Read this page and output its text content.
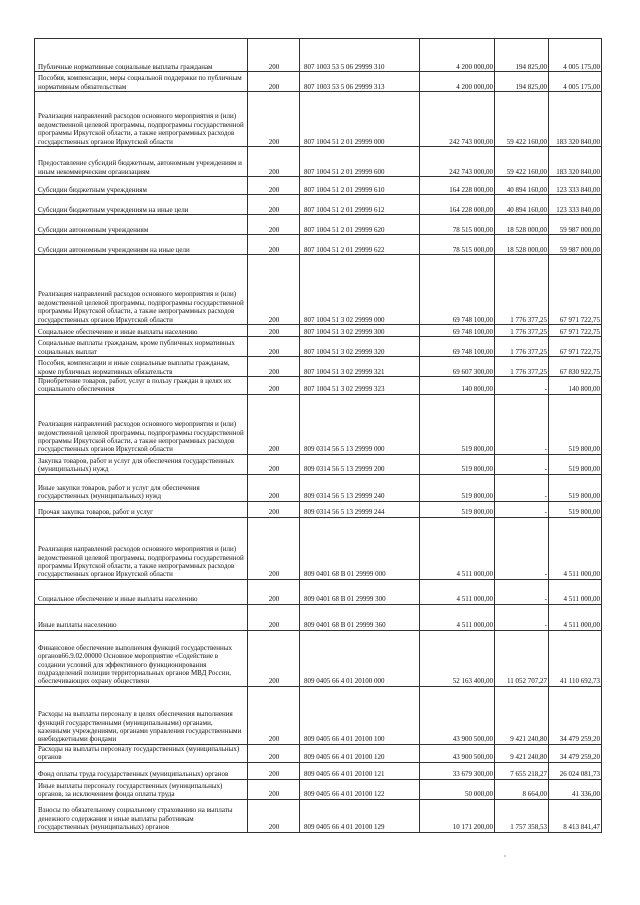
Публичные нормативные социальные выплаты гражданам	200	807 1003 53 5 06 29999 310	4 200 000,00	194 825,00	4 005 175,00
Пособия, компенсации, меры социальной поддержки по публичным нормативным обязательствам	200	807 1003 53 5 06 29999 313	4 200 000,00	194 825,00	4 005 175,00
Реализация направлений расходов основного мероприятия и (или) ведомственной целевой программы, подпрограммы государственной программы Иркутской области, а также непрограммных расходов государственных органов Иркутской области	200	807 1004 51 2 01 29999 000	242 743 000,00	59 422 160,00	183 320 840,00
Предоставление субсидий бюджетным, автономным учреждениям и иным некоммерческим организациям	200	807 1004 51 2 01 29999 600	242 743 000,00	59 422 160,00	183 320 840,00
Субсидии бюджетным учреждениям	200	807 1004 51 2 01 29999 610	164 228 000,00	40 894 160,00	123 333 840,00
Субсидии бюджетным учреждениям на иные цели	200	807 1004 51 2 01 29999 612	164 228 000,00	40 894 160,00	123 333 840,00
Субсидии автономным учреждениям	200	807 1004 51 2 01 29999 620	78 515 000,00	18 528 000,00	59 987 000,00
Субсидии автономным учреждениям на иные цели	200	807 1004 51 2 01 29999 622	78 515 000,00	18 528 000,00	59 987 000,00
Реализация направлений расходов основного мероприятия и (или) ведомственной целевой программы, подпрограммы государственной программы Иркутской области, а также непрограммных расходов государственных органов Иркутской области	200	807 1004 51 3 02 29999 000	69 748 100,00	1 776 377,25	67 971 722,75
Социальное обеспечение и иные выплаты населению	200	807 1004 51 3 02 29999 300	69 748 100,00	1 776 377,25	67 971 722,75
Социальные выплаты гражданам, кроме публичных нормативных социальных выплат	200	807 1004 51 3 02 29999 320	69 748 100,00	1 776 377,25	67 971 722,75
Пособия, компенсации и иные социальные выплаты гражданам, кроме публичных нормативных обязательств	200	807 1004 51 3 02 29999 321	69 607 300,00	1 776 377,25	67 830 922,75
Приобретение товаров, работ, услуг в пользу граждан в целях их социального обеспечения	200	807 1004 51 3 02 29999 323	140 800,00	-	140 800,00
Реализация направлений расходов основного мероприятия и (или) ведомственной целевой программы, подпрограммы государственной программы Иркутской области, а также непрограммных расходов государственных органов Иркутской области	200	809 0314 56 5 13 29999 000	519 800,00	-	519 800,00
Закупка товаров, работ и услуг для обеспечения государственных (муниципальных) нужд	200	809 0314 56 5 13 29999 200	519 800,00	-	519 800,00
Иные закупки товаров, работ и услуг для обеспечения государственных (муниципальных) нужд	200	809 0314 56 5 13 29999 240	519 800,00	-	519 800,00
Прочая закупка товаров, работ и услуг	200	809 0314 56 5 13 29999 244	519 800,00	-	519 800,00
Реализация направлений расходов основного мероприятия и (или) ведомственной целевой программы, подпрограммы государственной программы Иркутской области, а также непрограммных расходов государственных органов Иркутской области	200	809 0401 68 В 01 29999 000	4 511 000,00	-	4 511 000,00
Социальное обеспечение и иные выплаты населению	200	809 0401 68 В 01 29999 300	4 511 000,00	-	4 511 000,00
Иные выплаты населению	200	809 0401 68 В 01 29999 360	4 511 000,00	-	4 511 000,00
Финансовое обеспечение выполнения функций государственных органов66.9.02.00000 Основное мероприятие «Содействие в создании условий для эффективного функционирования подразделений полиции территориальных органов МВД России, обеспечивающих охрану общественн	200	809 0405 66 4 01 20100 000	52 163 400,00	11 052 707,27	41 110 692,73
Расходы на выплаты персоналу в целях обеспечения выполнения функций государственными (муниципальными) органами, казенными учреждениями, органами управления государственными внебюджетными фондами	200	809 0405 66 4 01 20100 100	43 900 500,00	9 421 240,80	34 479 259,20
Расходы на выплаты персоналу государственных (муниципальных) органов	200	809 0405 66 4 01 20100 120	43 900 500,00	9 421 240,80	34 479 259,20
Фонд оплаты труда государственных (муниципальных) органов	200	809 0405 66 4 01 20100 121	33 679 300,00	7 655 218,27	26 024 081,73
Иные выплаты персоналу государственных (муниципальных) органов, за исключением фонда оплаты труда	200	809 0405 66 4 01 20100 122	50 000,00	8 664,00	41 336,00
Взносы по обязательному социальному страхованию на выплаты денежного содержания и иные выплаты работникам государственных (муниципальных) органов	200	809 0405 66 4 01 20100 129	10 171 200,00	1 757 358,53	8 413 841,47
